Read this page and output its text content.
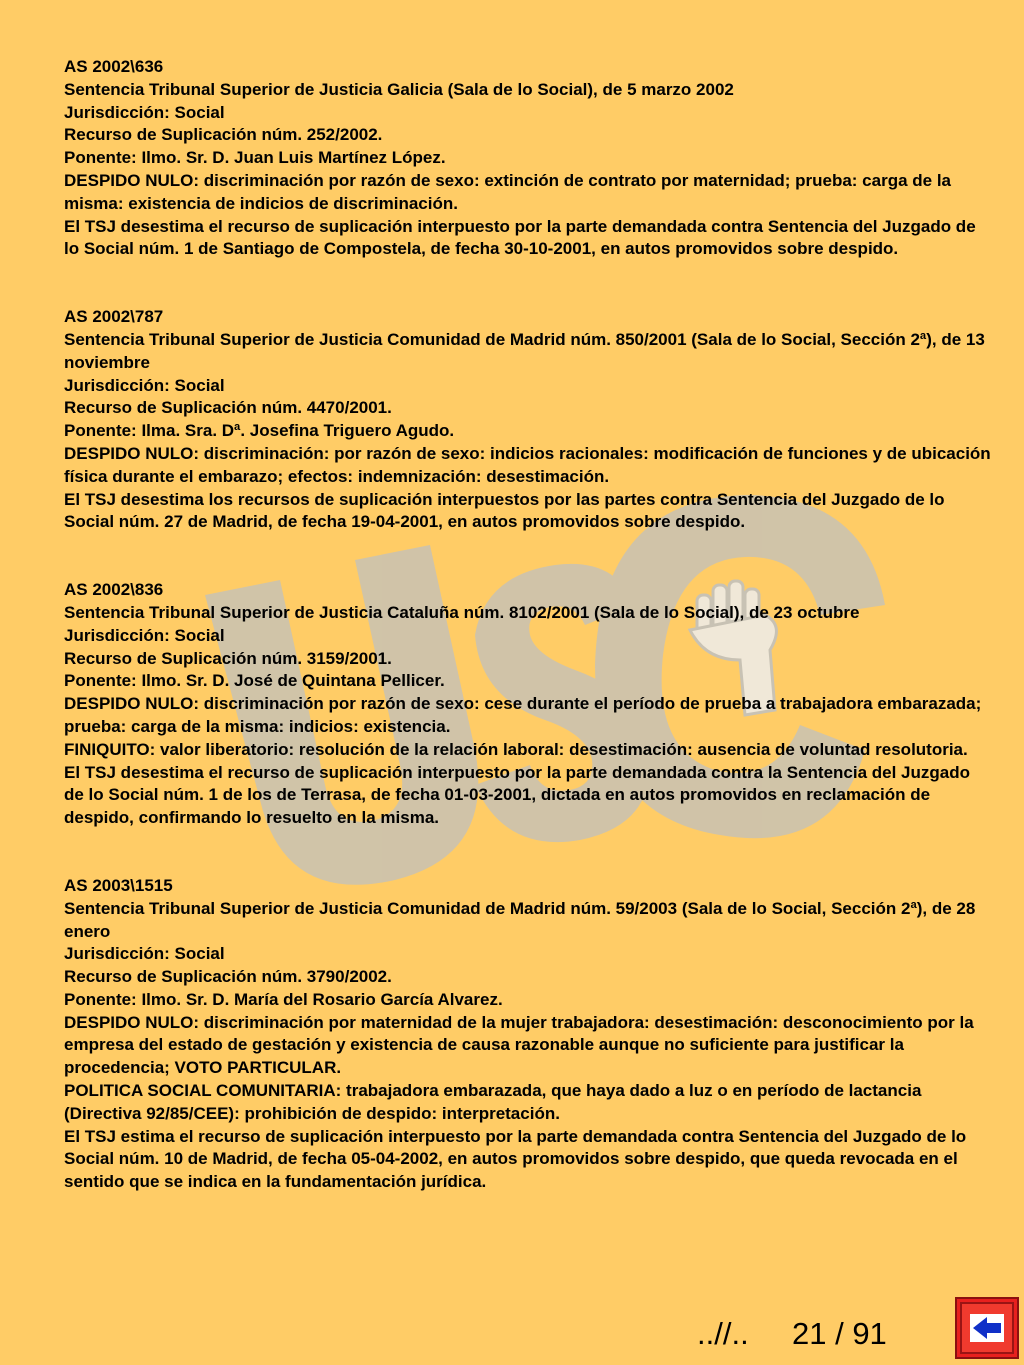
AS 2002\636

Sentencia Tribunal Superior de Justicia Galicia (Sala de lo Social), de 5 marzo 2002

Jurisdicción: Social

Recurso de Suplicación núm. 252/2002.

Ponente: Ilmo. Sr. D. Juan Luis Martínez López.

DESPIDO NULO: discriminación por razón de sexo: extinción de contrato por maternidad; prueba: carga de la misma: existencia de indicios de discriminación.

El TSJ desestima el recurso de suplicación interpuesto por la parte demandada contra Sentencia del Juzgado de lo Social núm. 1 de Santiago de Compostela, de fecha 30-10-2001, en autos promovidos sobre despido.

AS 2002\787

Sentencia Tribunal Superior de Justicia Comunidad de Madrid núm. 850/2001 (Sala de lo Social, Sección 2ª), de 13 noviembre

Jurisdicción: Social

Recurso de Suplicación núm. 4470/2001.

Ponente: Ilma. Sra. Dª. Josefina Triguero Agudo.

DESPIDO NULO: discriminación: por razón de sexo: indicios racionales: modificación de funciones y de ubicación física durante el embarazo; efectos: indemnización: desestimación.

El TSJ desestima los recursos de suplicación interpuestos por las partes contra Sentencia del Juzgado de lo Social núm. 27 de Madrid, de fecha 19-04-2001, en autos promovidos sobre despido.

AS 2002\836

Sentencia Tribunal Superior de Justicia Cataluña núm. 8102/2001 (Sala de lo Social), de 23 octubre

Jurisdicción: Social

Recurso de Suplicación núm. 3159/2001.

Ponente: Ilmo. Sr. D. José de Quintana Pellicer.

DESPIDO NULO: discriminación por razón de sexo: cese durante el período de prueba a trabajadora embarazada; prueba: carga de la misma: indicios: existencia.

FINIQUITO: valor liberatorio: resolución de la relación laboral: desestimación: ausencia de voluntad resolutoria.

El TSJ desestima el recurso de suplicación interpuesto por la parte demandada contra la Sentencia del Juzgado de lo Social núm. 1 de los de Terrasa, de fecha 01-03-2001, dictada en autos promovidos en reclamación de despido, confirmando lo resuelto en la misma.

AS 2003\1515

Sentencia Tribunal Superior de Justicia Comunidad de Madrid núm. 59/2003 (Sala de lo Social, Sección 2ª), de 28 enero

Jurisdicción: Social

Recurso de Suplicación núm. 3790/2002.

Ponente: Ilmo. Sr. D. María del Rosario García Alvarez.

DESPIDO NULO: discriminación por maternidad de la mujer trabajadora: desestimación: desconocimiento por la empresa del estado de gestación y existencia de causa razonable aunque no suficiente para justificar la procedencia; VOTO PARTICULAR.

POLITICA SOCIAL COMUNITARIA: trabajadora embarazada, que haya dado a luz o en período de lactancia (Directiva 92/85/CEE): prohibición de despido: interpretación.

El TSJ estima el recurso de suplicación interpuesto por la parte demandada contra Sentencia del Juzgado de lo Social núm. 10 de Madrid, de fecha 05-04-2002, en autos promovidos sobre despido, que queda revocada en el sentido que se indica en la fundamentación jurídica.

..//.. 21 / 91
